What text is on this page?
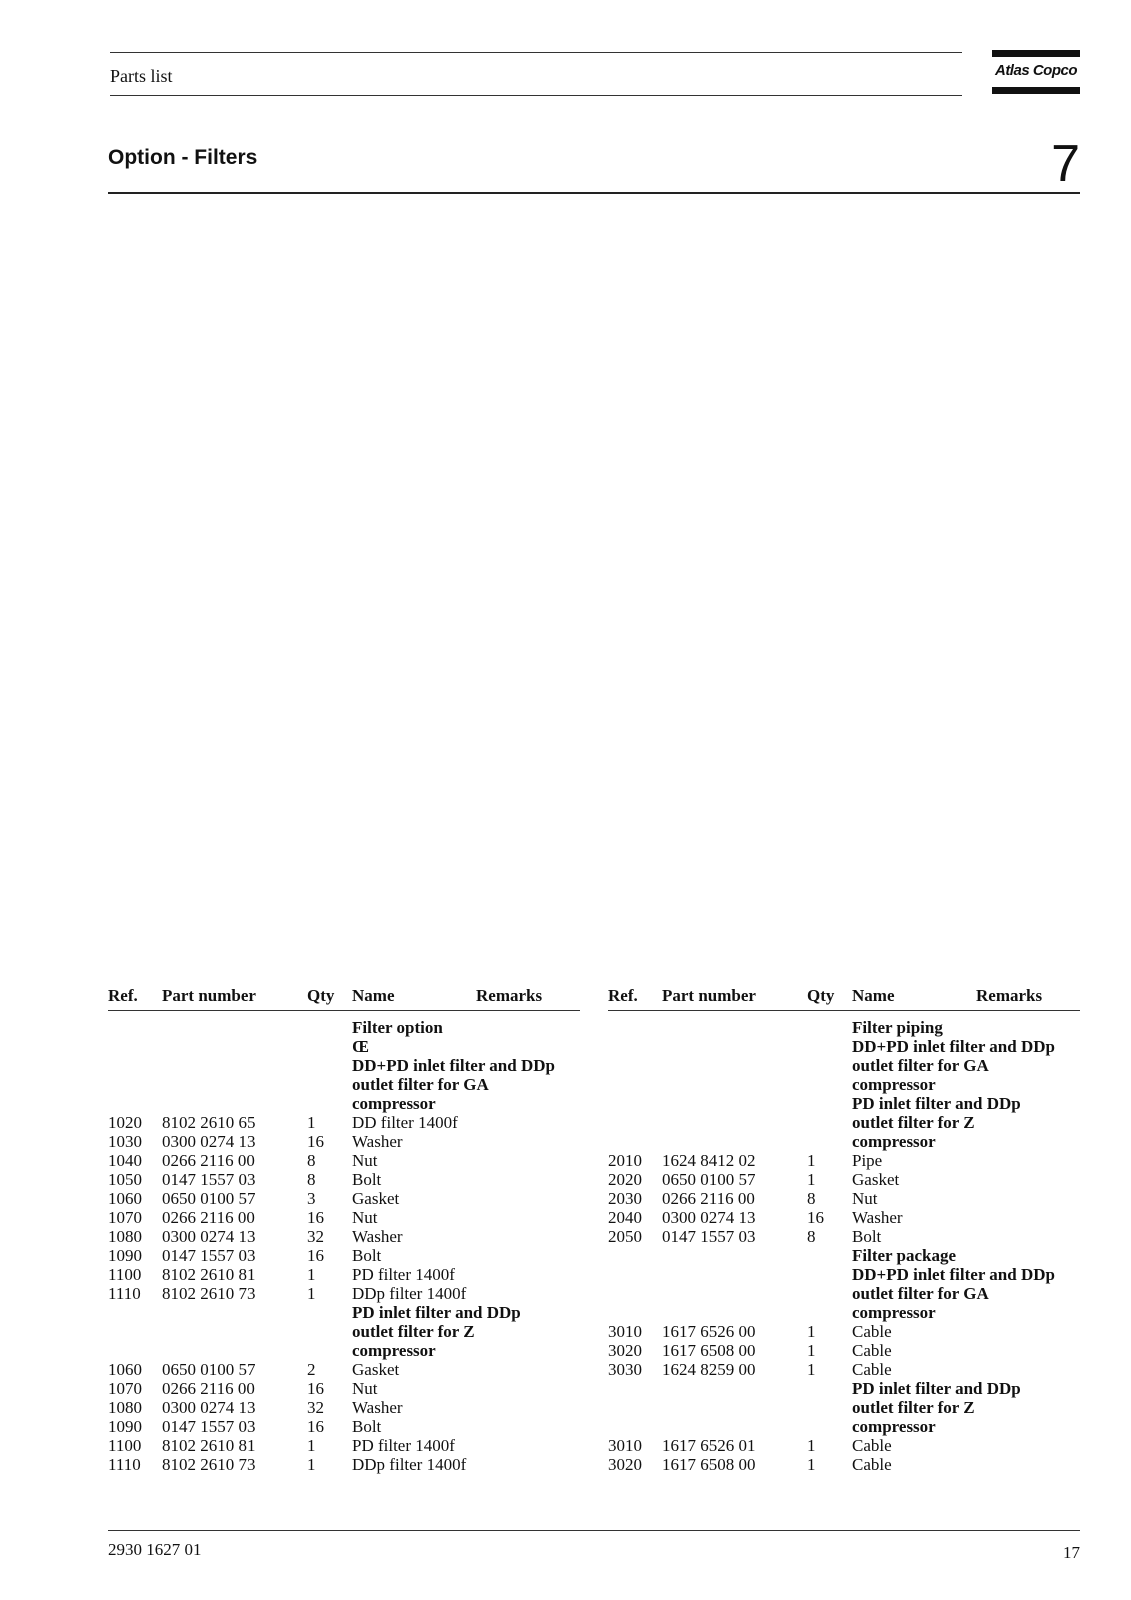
Parts list	Atlas Copco
Option - Filters	7
Ref. Part number	Qty Name	Remarks
Filter option
Œ
DD+PD inlet filter and DDp
outlet filter for GA
compressor
1020 8102 2610 65	1 DD filter 1400f
1030 0300 0274 13	16 Washer
1040 0266 2116 00	8 Nut
1050 0147 1557 03	8 Bolt
1060 0650 0100 57	3 Gasket
1070 0266 2116 00	16 Nut
1080 0300 0274 13	32 Washer
1090 0147 1557 03	16 Bolt
1100 8102 2610 81	1 PD filter 1400f
1110 8102 2610 73	1 DDp filter 1400f
PD inlet filter and DDp
outlet filter for Z
compressor
1060 0650 0100 57	2 Gasket
1070 0266 2116 00	16 Nut
1080 0300 0274 13	32 Washer
1090 0147 1557 03	16 Bolt
1100 8102 2610 81	1 PD filter 1400f
1110 8102 2610 73	1 DDp filter 1400f
Ref. Part number	Qty Name	Remarks
Filter piping
DD+PD inlet filter and DDp
outlet filter for GA
compressor
PD inlet filter and DDp
outlet filter for Z
compressor
2010 1624 8412 02	1 Pipe
2020 0650 0100 57	1 Gasket
2030 0266 2116 00	8 Nut
2040 0300 0274 13	16 Washer
2050 0147 1557 03	8 Bolt
Filter package
DD+PD inlet filter and DDp
outlet filter for GA
compressor
3010 1617 6526 00	1 Cable
3020 1617 6508 00	1 Cable
3030 1624 8259 00	1 Cable
PD inlet filter and DDp
outlet filter for Z
compressor
3010 1617 6526 01	1 Cable
3020 1617 6508 00	1 Cable
2930 1627 01	17
